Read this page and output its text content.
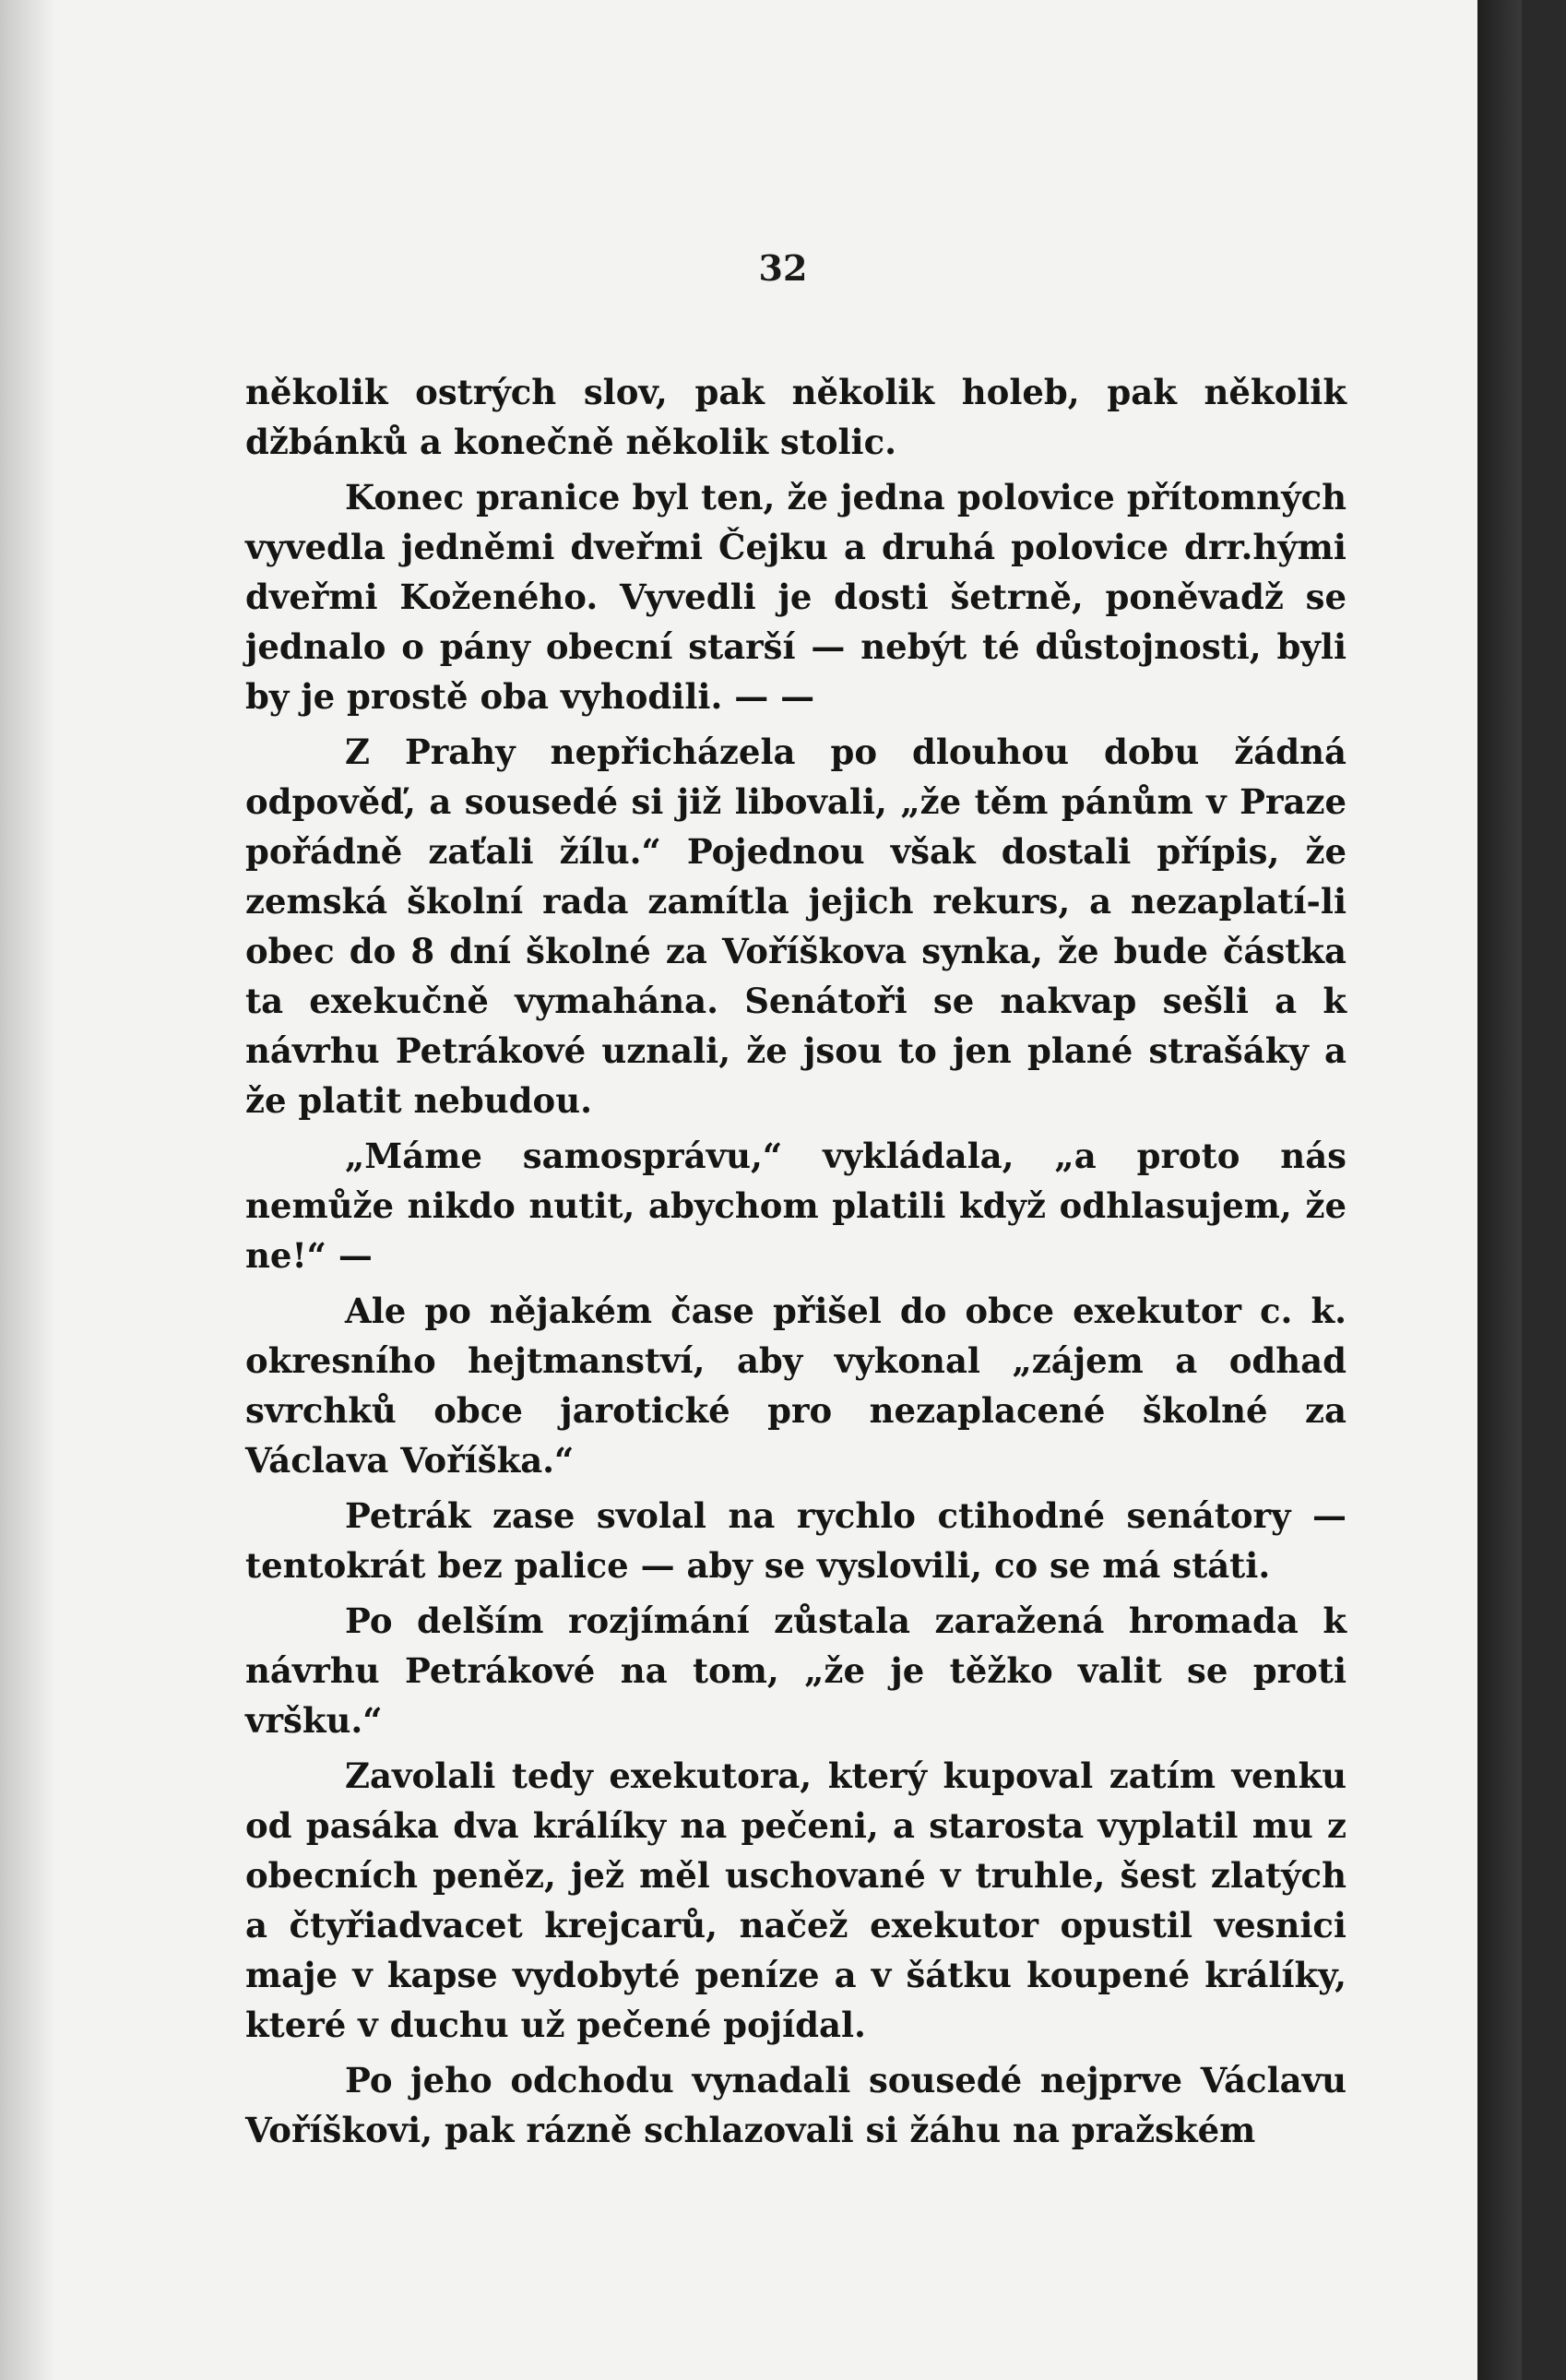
32

několik ostrých slov, pak několik holeb, pak několik džbánků a konečně několik stolic.

Konec pranice byl ten, že jedna polovice přítomných vyvedla jedněmi dveřmi Čejku a druhá polovice drr.hými dveřmi Koženého. Vyvedli je dosti šetrně, poněvadž se jednalo o pány obecní starší — nebýt té důstojnosti, byli by je prostě oba vyhodili. — —

Z Prahy nepřicházela po dlouhou dobu žádná odpověď, a sousedé si již libovali, „že těm pánům v Praze pořádně zaťali žílu.“ Pojednou však dostali přípis, že zemská školní rada zamítla jejich rekurs, a nezaplatí-li obec do 8 dní školné za Voříškova synka, že bude částka ta exekučně vymahána. Senátoři se nakvap sešli a k návrhu Petrákové uznali, že jsou to jen plané strašáky a že platit nebudou.

„Máme samosprávu,“ vykládala, „a proto nás nemůže nikdo nutit, abychom platili když odhlasujem, že ne!“ —

Ale po nějakém čase přišel do obce exekutor c. k. okresního hejtmanství, aby vykonal „zájem a odhad svrchků obce jarotické pro nezaplacené školné za Václava Voříška.“

Petrák zase svolal na rychlo ctihodné senátory — tentokrát bez palice — aby se vyslovili, co se má státi.

Po delším rozjímání zůstala zaražená hromada k návrhu Petrákové na tom, „že je těžko valit se proti vršku.“

Zavolali tedy exekutora, který kupoval zatím venku od pasáka dva králíky na pečeni, a starosta vyplatil mu z obecních peněz, jež měl uschované v truhle, šest zlatých a čtyřiadvacet krejcarů, načež exekutor opustil vesnici maje v kapse vydobyté peníze a v šátku koupené králíky, které v duchu už pečené pojídal.

Po jeho odchodu vynadali sousedé nejprve Václavu Voříškovi, pak rázně schlazovali si žáhu na pražském
